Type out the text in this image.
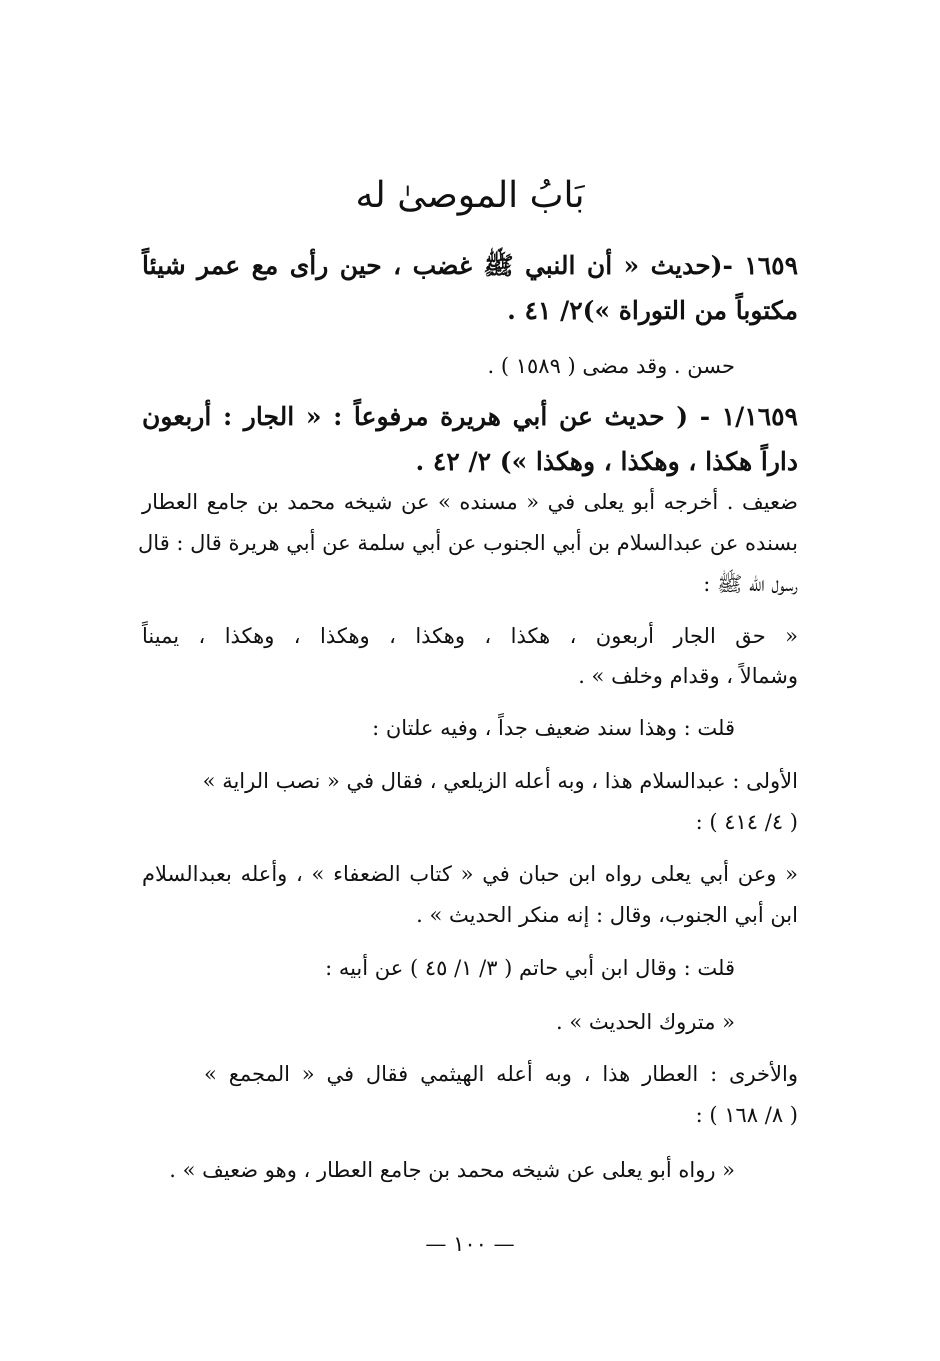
بَابُ الموصىٰ له
١٦٥٩ -(حديث « أن النبي ﷺ غضب ، حين رأى مع عمر شيئاً
مكتوباً من التوراة »)٢/ ٤١ .
حسن . وقد مضى ( ١٥٨٩ ) .
١/١٦٥٩ - ( حديث عن أبي هريرة مرفوعاً : « الجار : أربعون
داراً هكذا ، وهكذا ، وهكذا ») ٢/ ٤٢ .
ضعيف . أخرجه أبو يعلى في « مسنده » عن شيخه محمد بن جامع العطار
بسنده عن عبدالسلام بن أبي الجنوب عن أبي سلمة عن أبي هريرة قال : قال
رسول الله ﷺ :
« حق الجار أربعون ، هكذا ، وهكذا ، وهكذا ، وهكذا ، يميناً
وشمالاً ، وقدام وخلف » .
قلت : وهذا سند ضعيف جداً ، وفيه علتان :
الأولى : عبدالسلام هذا ، وبه أعله الزيلعي ، فقال في « نصب الراية »
( ٤/ ٤١٤ ) :
« وعن أبي يعلى رواه ابن حبان في « كتاب الضعفاء » ، وأعله بعبدالسلام
ابن أبي الجنوب، وقال : إنه منكر الحديث » .
قلت : وقال ابن أبي حاتم ( ٣/ ١/ ٤٥ ) عن أبيه :
« متروك الحديث » .
والأخرى : العطار هذا ، وبه أعله الهيثمي فقال في « المجمع »
( ٨/ ١٦٨ ) :
« رواه أبو يعلى عن شيخه محمد بن جامع العطار ، وهو ضعيف » .
— ١٠٠ —
